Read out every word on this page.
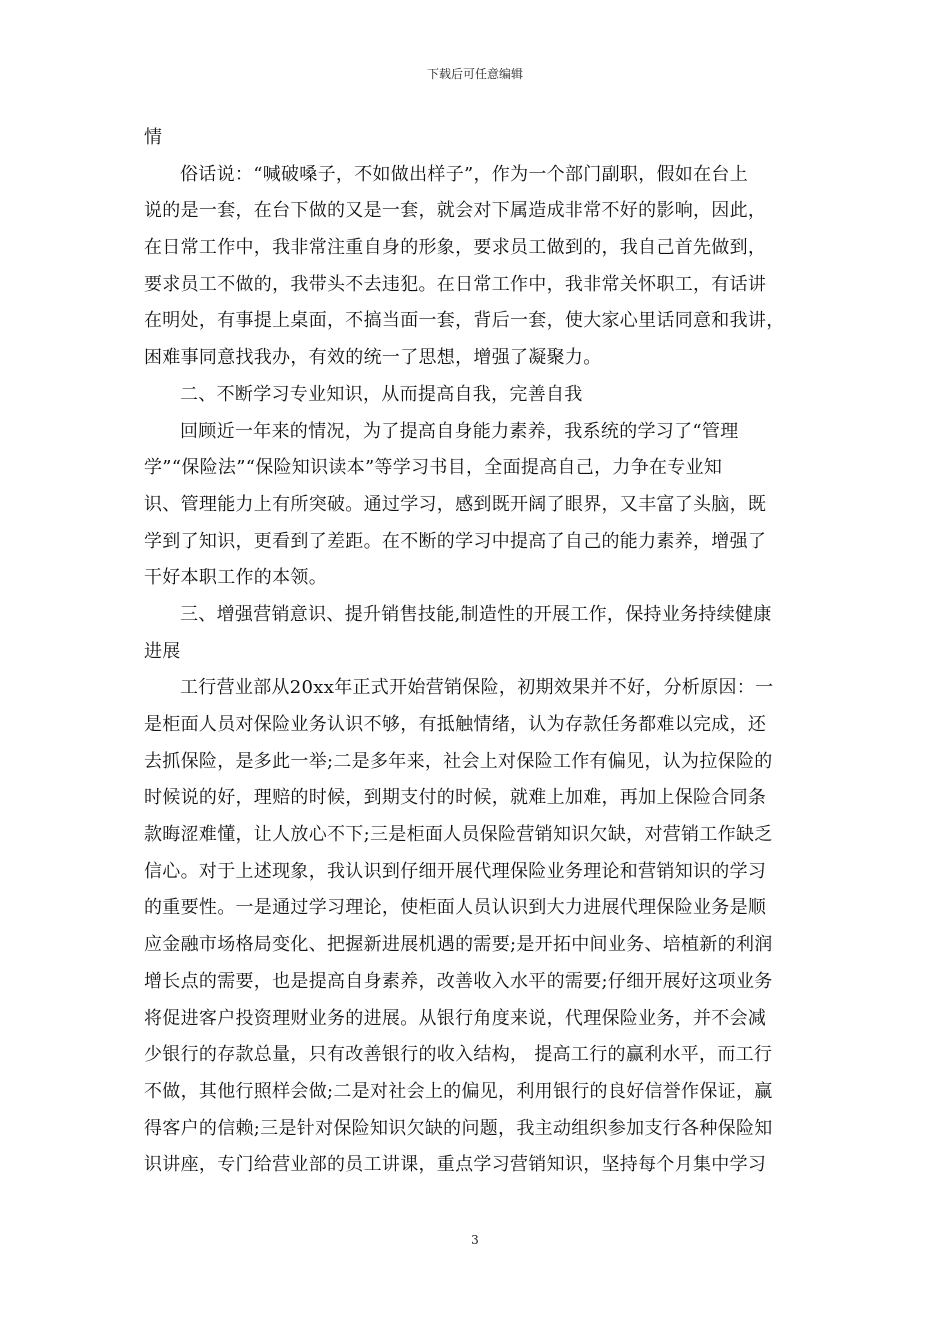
下载后可任意编辑
情
俗话说：“喊破嗓子，不如做出样子”，作为一个部门副职，假如在台上
说的是一套，在台下做的又是一套，就会对下属造成非常不好的影响，因此，
在日常工作中，我非常注重自身的形象，要求员工做到的，我自己首先做到，
要求员工不做的，我带头不去违犯。在日常工作中，我非常关怀职工，有话讲
在明处，有事提上桌面，不搞当面一套，背后一套，使大家心里话同意和我讲，
困难事同意找我办，有效的统一了思想，增强了凝聚力。
二、不断学习专业知识，从而提高自我，完善自我
回顾近一年来的情况，为了提高自身能力素养，我系统的学习了“管理
学”“保险法”“保险知识读本”等学习书目，全面提高自己，力争在专业知
识、管理能力上有所突破。通过学习，感到既开阔了眼界，又丰富了头脑，既
学到了知识，更看到了差距。在不断的学习中提高了自己的能力素养，增强了
干好本职工作的本领。
三、增强营销意识、提升销售技能,制造性的开展工作，保持业务持续健康
进展
工行营业部从20xx年正式开始营销保险，初期效果并不好，分析原因：一
是柜面人员对保险业务认识不够，有抵触情绪，认为存款任务都难以完成，还
去抓保险，是多此一举;二是多年来，社会上对保险工作有偏见，认为拉保险的
时候说的好，理赔的时候，到期支付的时候，就难上加难，再加上保险合同条
款晦涩难懂，让人放心不下;三是柜面人员保险营销知识欠缺，对营销工作缺乏
信心。对于上述现象，我认识到仔细开展代理保险业务理论和营销知识的学习
的重要性。一是通过学习理论，使柜面人员认识到大力进展代理保险业务是顺
应金融市场格局变化、把握新进展机遇的需要;是开拓中间业务、培植新的利润
增长点的需要，也是提高自身素养，改善收入水平的需要;仔细开展好这项业务
将促进客户投资理财业务的进展。从银行角度来说，代理保险业务，并不会减
少银行的存款总量，只有改善银行的收入结构， 提高工行的赢利水平，而工行
不做，其他行照样会做;二是对社会上的偏见，利用银行的良好信誉作保证，赢
得客户的信赖;三是针对保险知识欠缺的问题，我主动组织参加支行各种保险知
识讲座，专门给营业部的员工讲课，重点学习营销知识，坚持每个月集中学习
3
